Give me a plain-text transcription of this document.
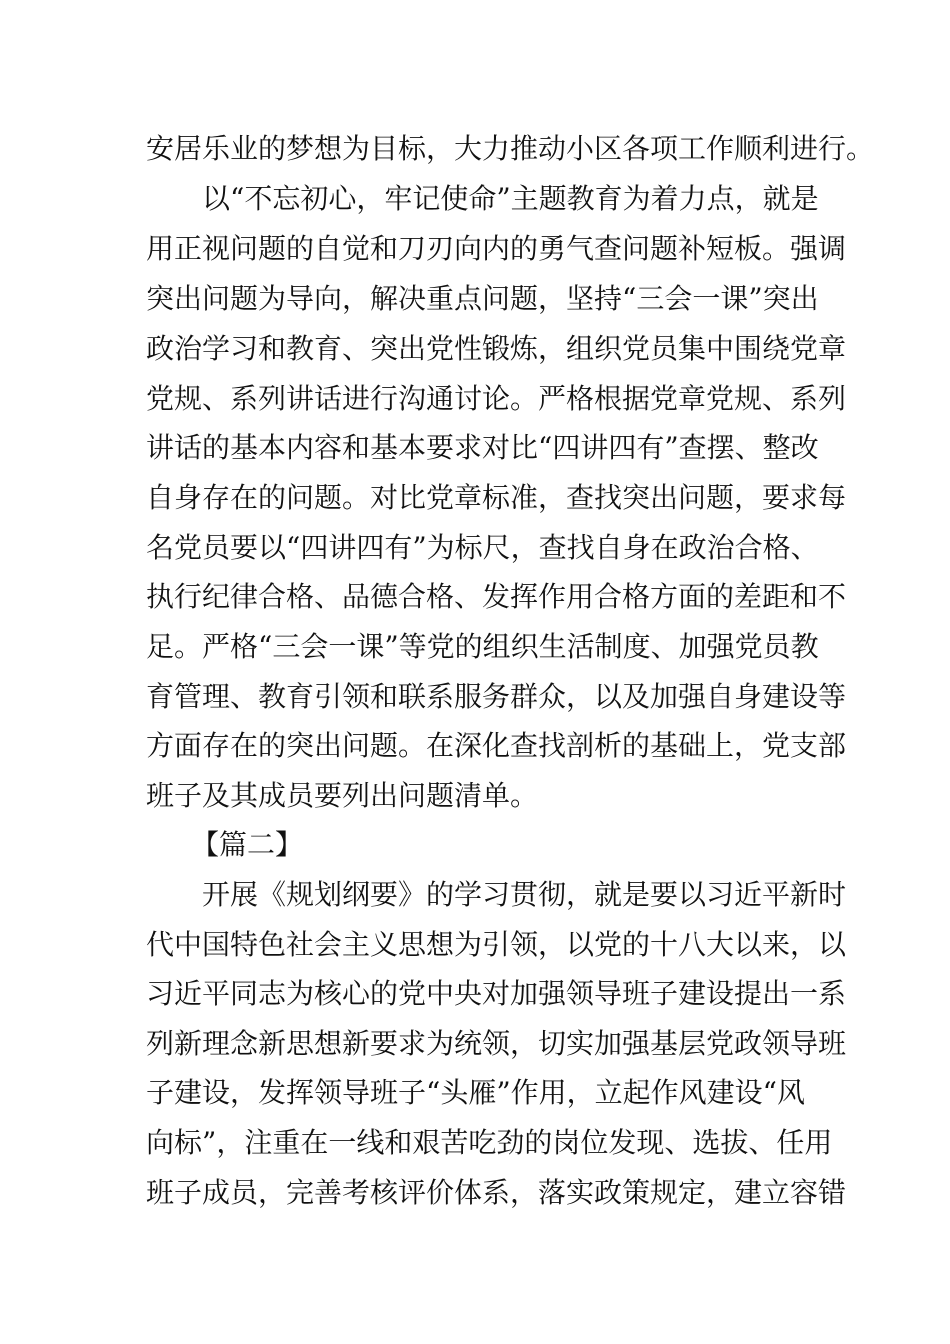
安居乐业的梦想为目标，大力推动小区各项工作顺利进行。
以“不忘初心，牢记使命”主题教育为着力点，就是
用正视问题的自觉和刀刃向内的勇气查问题补短板。强调
突出问题为导向，解决重点问题，坚持“三会一课”突出
政治学习和教育、突出党性锻炼，组织党员集中围绕党章
党规、系列讲话进行沟通讨论。严格根据党章党规、系列
讲话的基本内容和基本要求对比“四讲四有”查摆、整改
自身存在的问题。对比党章标准，查找突出问题，要求每
名党员要以“四讲四有”为标尺，查找自身在政治合格、
执行纪律合格、品德合格、发挥作用合格方面的差距和不
足。严格“三会一课”等党的组织生活制度、加强党员教
育管理、教育引领和联系服务群众，以及加强自身建设等
方面存在的突出问题。在深化查找剖析的基础上，党支部
班子及其成员要列出问题清单。
【篇二】
开展《规划纲要》的学习贯彻，就是要以习近平新时
代中国特色社会主义思想为引领，以党的十八大以来，以
习近平同志为核心的党中央对加强领导班子建设提出一系
列新理念新思想新要求为统领，切实加强基层党政领导班
子建设，发挥领导班子“头雁”作用，立起作风建设“风
向标”，注重在一线和艰苦吃劲的岗位发现、选拔、任用
班子成员，完善考核评价体系，落实政策规定，建立容错
